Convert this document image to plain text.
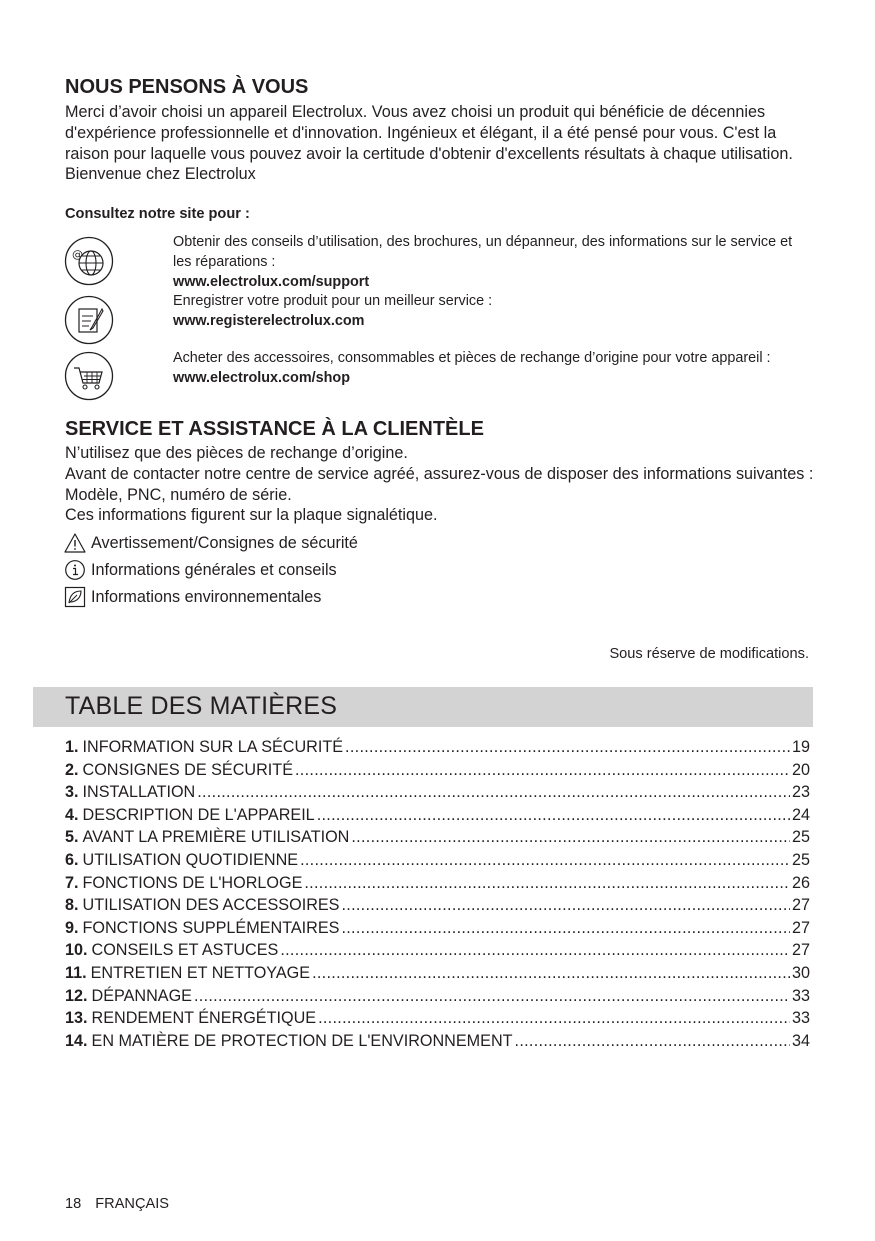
NOUS PENSONS À VOUS

Merci d’avoir choisi un appareil Electrolux. Vous avez choisi un produit qui bénéficie de décennies d'expérience professionnelle et d'innovation. Ingénieux et élégant, il a été pensé pour vous. C'est la raison pour laquelle vous pouvez avoir la certitude d'obtenir d'excellents résultats à chaque utilisation.

Bienvenue chez Electrolux

Consultez notre site pour :
@

Obtenir des conseils d’utilisation, des brochures, un dépanneur, des informations sur le service et les réparations :

www.electrolux.com/support

Enregistrer votre produit pour un meilleur service :

www.registerelectrolux.com

Acheter des accessoires, consommables et pièces de rechange d’origine pour votre appareil :

www.electrolux.com/shop

SERVICE ET ASSISTANCE À LA CLIENTÈLE

N’utilisez que des pièces de rechange d’origine.

Avant de contacter notre centre de service agréé, assurez-vous de disposer des informations suivantes : Modèle, PNC, numéro de série.

Ces informations figurent sur la plaque signalétique.

Avertissement/Consignes de sécurité
Informations générales et conseils
Informations environnementales
Sous réserve de modifications.
TABLE DES MATIÈRES
1. INFORMATION SUR LA SÉCURITÉ .....	19
2. CONSIGNES DE SÉCURITÉ .....	20
3. INSTALLATION .....	23
4. DESCRIPTION DE L'APPAREIL .....	24
5. AVANT LA PREMIÈRE UTILISATION .....	25
6. UTILISATION QUOTIDIENNE .....	25
7. FONCTIONS DE L'HORLOGE .....	26
8. UTILISATION DES ACCESSOIRES .....	27
9. FONCTIONS SUPPLÉMENTAIRES .....	27
10. CONSEILS ET ASTUCES .....	27
11. ENTRETIEN ET NETTOYAGE .....	30
12. DÉPANNAGE .....	33
13. RENDEMENT ÉNERGÉTIQUE .....	33
14. EN MATIÈRE DE PROTECTION DE L'ENVIRONNEMENT .....	34
18 FRANÇAIS
